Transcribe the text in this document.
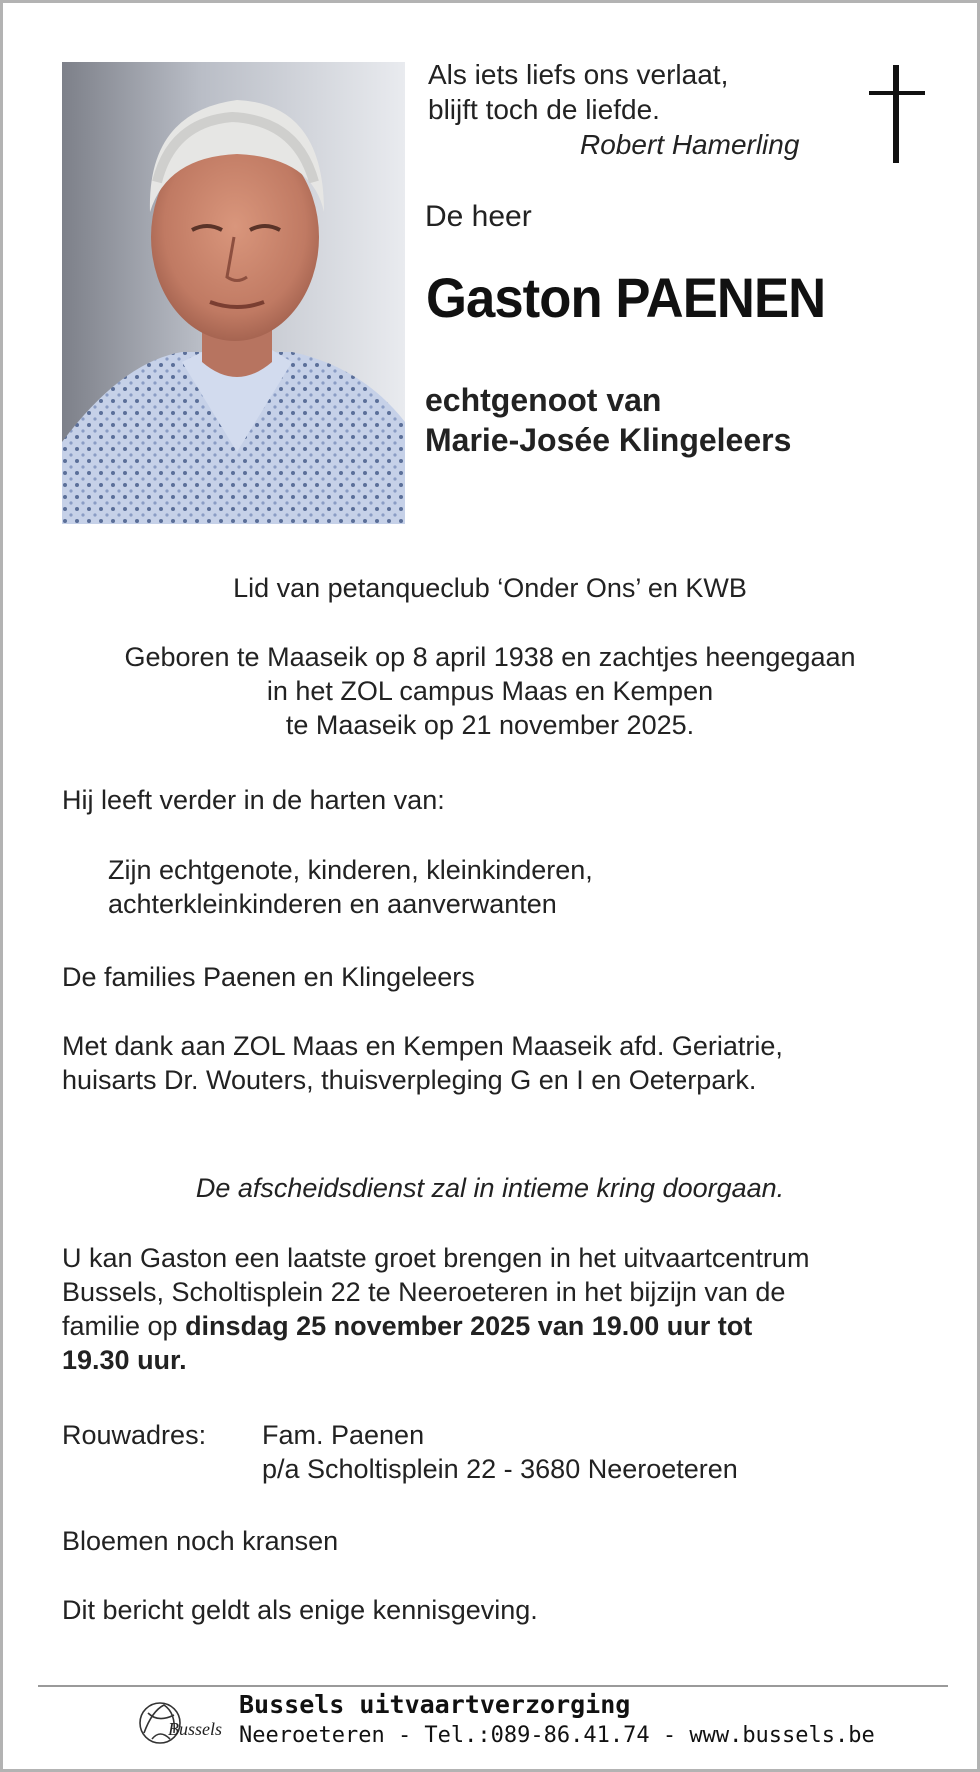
Als iets liefs ons verlaat,
blijft toch de liefde.
Robert Hamerling
De heer
Gaston PAENEN
echtgenoot van
Marie-Josée Klingeleers
Lid van petanqueclub ‘Onder Ons’ en KWB
Geboren te Maaseik op 8 april 1938 en zachtjes heengegaan
in het ZOL campus Maas en Kempen
te Maaseik op 21 november 2025.
Hij leeft verder in de harten van:
Zijn echtgenote, kinderen, kleinkinderen,
achterkleinkinderen en aanverwanten
De families Paenen en Klingeleers
Met dank aan ZOL Maas en Kempen Maaseik afd. Geriatrie,
huisarts Dr. Wouters, thuisverpleging G en I en Oeterpark.
De afscheidsdienst zal in intieme kring doorgaan.
U kan Gaston een laatste groet brengen in het uitvaartcentrum
Bussels, Scholtisplein 22 te Neeroeteren in het bijzijn van de
familie op dinsdag 25 november 2025 van 19.00 uur tot
19.30 uur.
Rouwadres: Fam. Paenen
p/a Scholtisplein 22 - 3680 Neeroeteren
Bloemen noch kransen
Dit bericht geldt als enige kennisgeving.
Bussels
Bussels uitvaartverzorging
Neeroeteren - Tel.:089-86.41.74 - www.bussels.be
